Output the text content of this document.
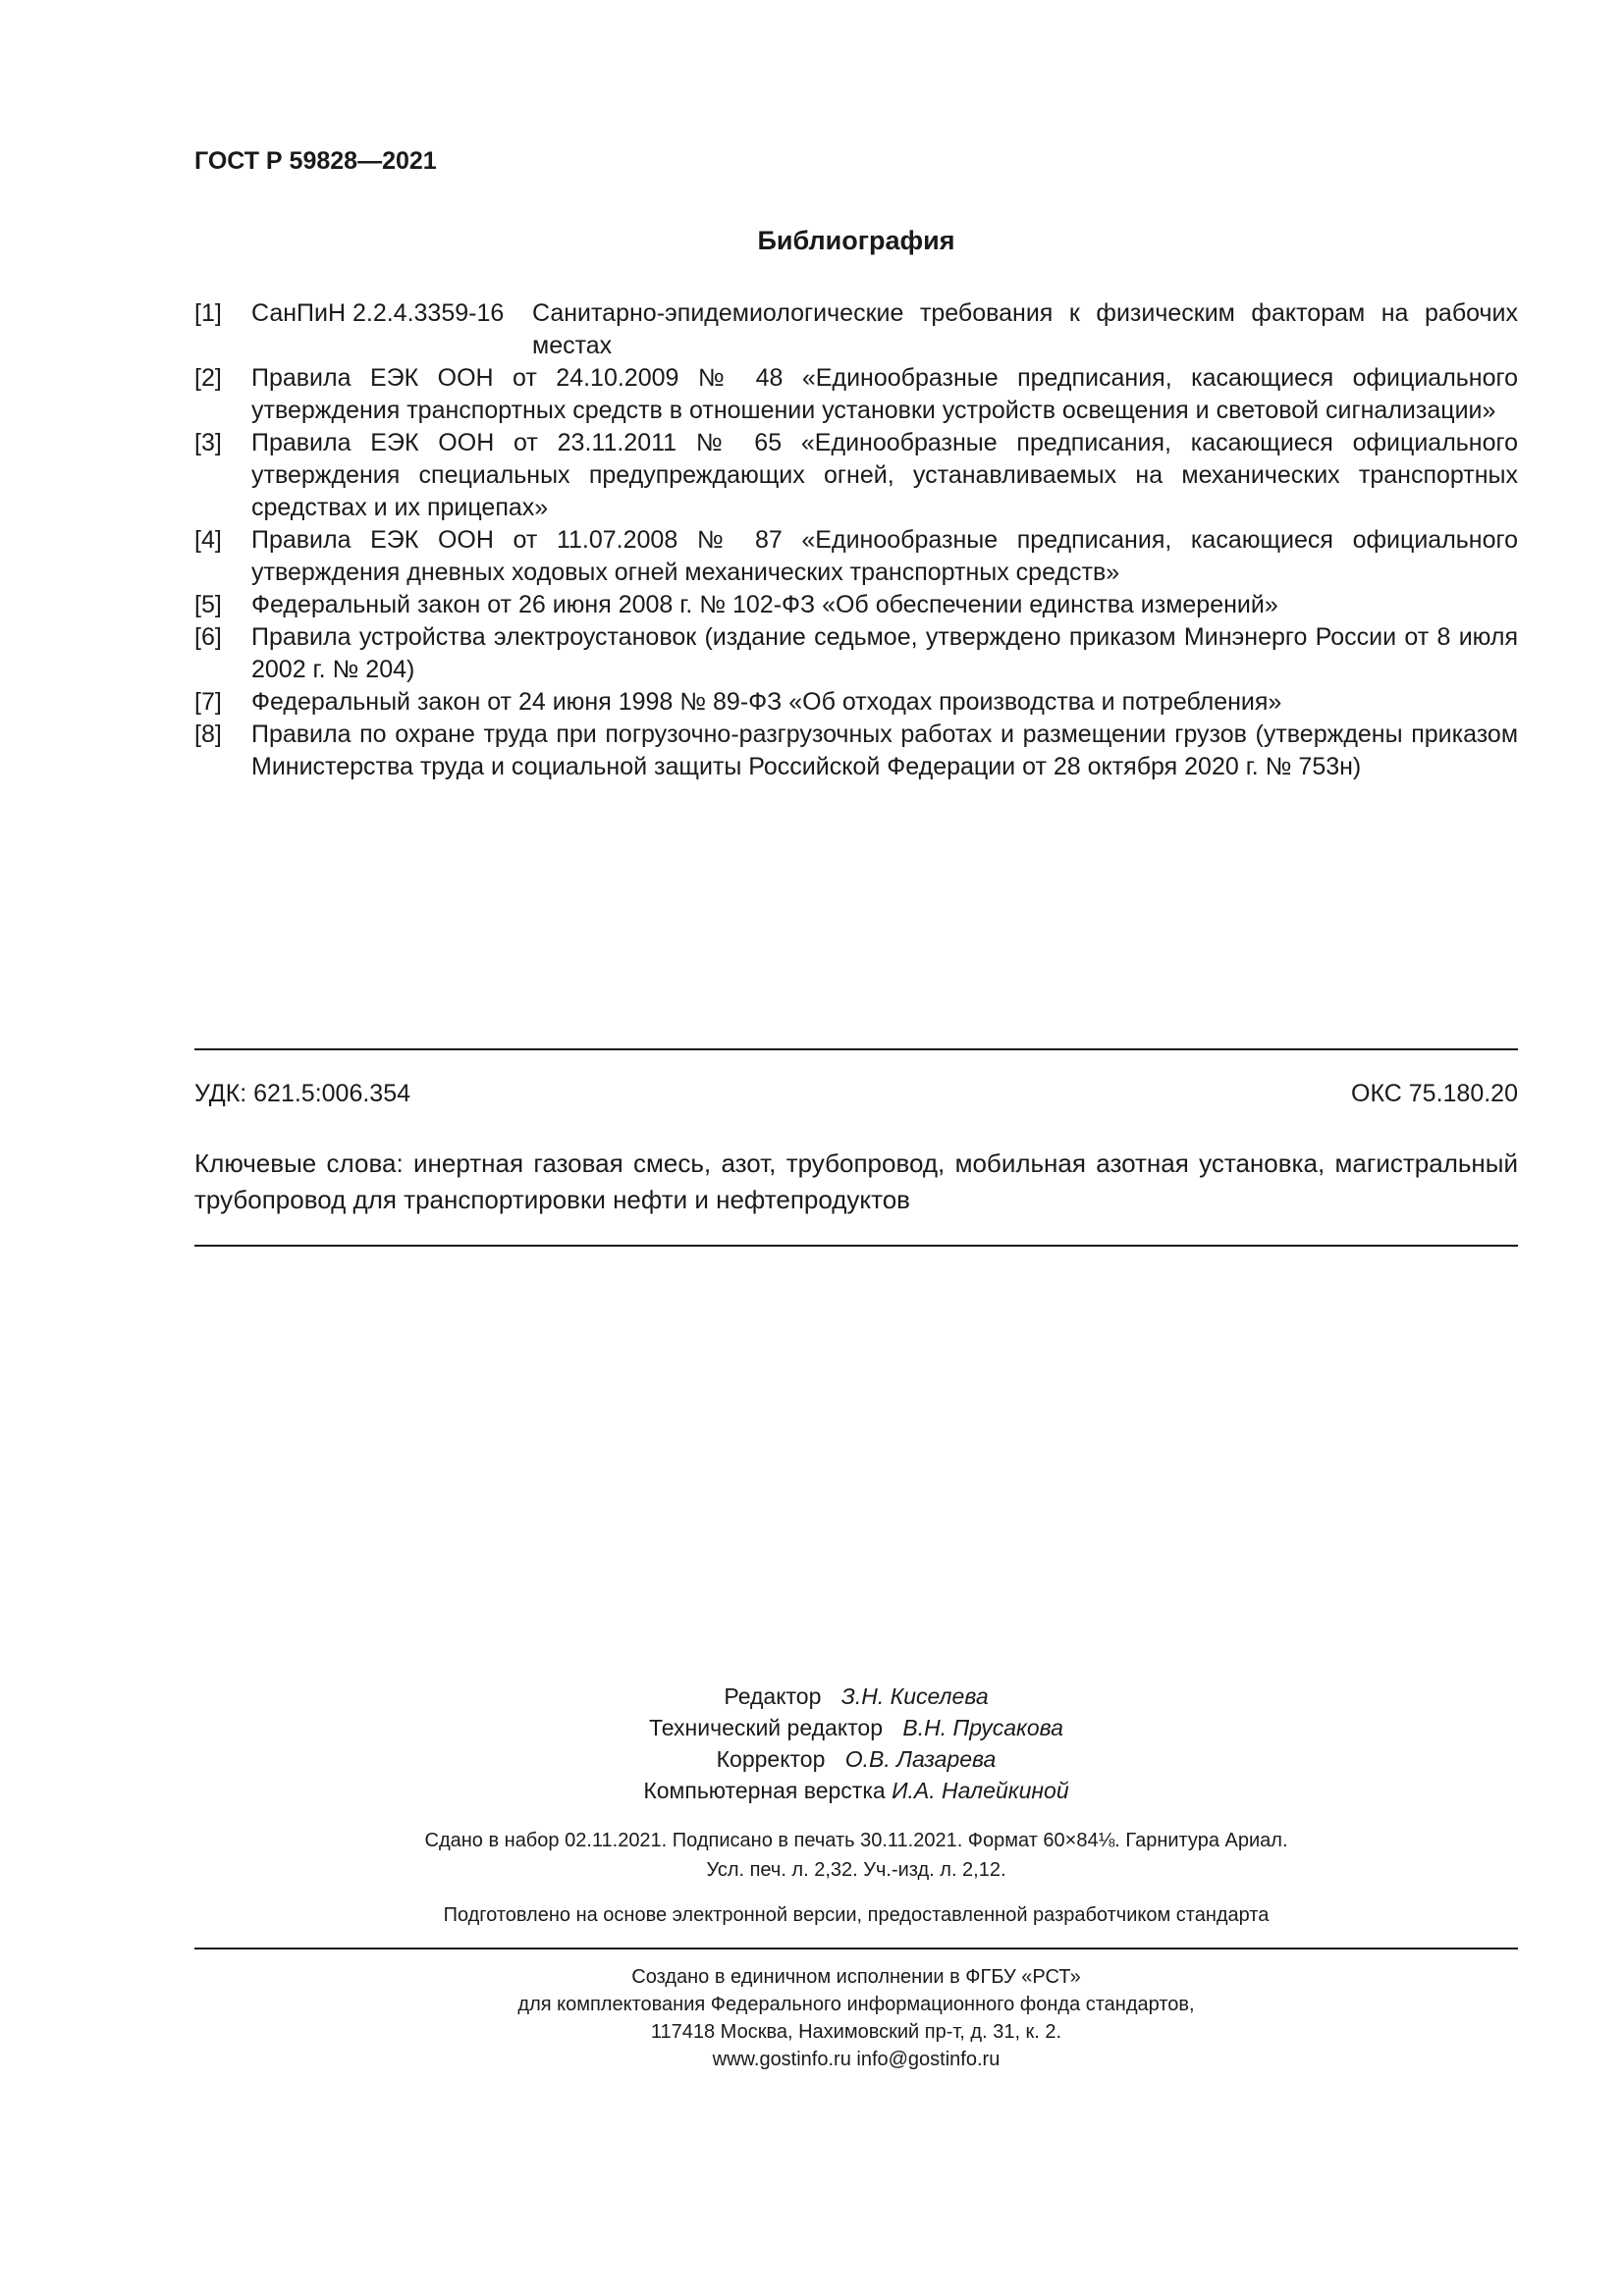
ГОСТ Р 59828—2021
Библиография
[1]	СанПиН 2.2.4.3359-16	Санитарно-эпидемиологические требования к физическим факторам на рабочих местах
[2]	Правила ЕЭК ООН от 24.10.2009 № 48 «Единообразные предписания, касающиеся официального утверждения транспортных средств в отношении установки устройств освещения и световой сигнализации»
[3]	Правила ЕЭК ООН от 23.11.2011 № 65 «Единообразные предписания, касающиеся официального утверждения специальных предупреждающих огней, устанавливаемых на механических транспортных средствах и их прицепах»
[4]	Правила ЕЭК ООН от 11.07.2008 № 87 «Единообразные предписания, касающиеся официального утверждения дневных ходовых огней механических транспортных средств»
[5]	Федеральный закон от 26 июня 2008 г. № 102-ФЗ «Об обеспечении единства измерений»
[6]	Правила устройства электроустановок (издание седьмое, утверждено приказом Минэнерго России от 8 июля 2002 г. № 204)
[7]	Федеральный закон от 24 июня 1998 № 89-ФЗ «Об отходах производства и потребления»
[8]	Правила по охране труда при погрузочно-разгрузочных работах и размещении грузов (утверждены приказом Министерства труда и социальной защиты Российской Федерации от 28 октября 2020 г. № 753н)
УДК: 621.5:006.354	ОКС 75.180.20
Ключевые слова: инертная газовая смесь, азот, трубопровод, мобильная азотная установка, магистральный трубопровод для транспортировки нефти и нефтепродуктов
Редактор З.Н. Киселева
Технический редактор В.Н. Прусакова
Корректор О.В. Лазарева
Компьютерная верстка И.А. Налейкиной
Сдано в набор 02.11.2021. Подписано в печать 30.11.2021. Формат 60×84⅛. Гарнитура Ариал.
Усл. печ. л. 2,32. Уч.-изд. л. 2,12.
Подготовлено на основе электронной версии, предоставленной разработчиком стандарта
Создано в единичном исполнении в ФГБУ «РСТ»
для комплектования Федерального информационного фонда стандартов,
117418 Москва, Нахимовский пр-т, д. 31, к. 2.
www.gostinfo.ru info@gostinfo.ru
